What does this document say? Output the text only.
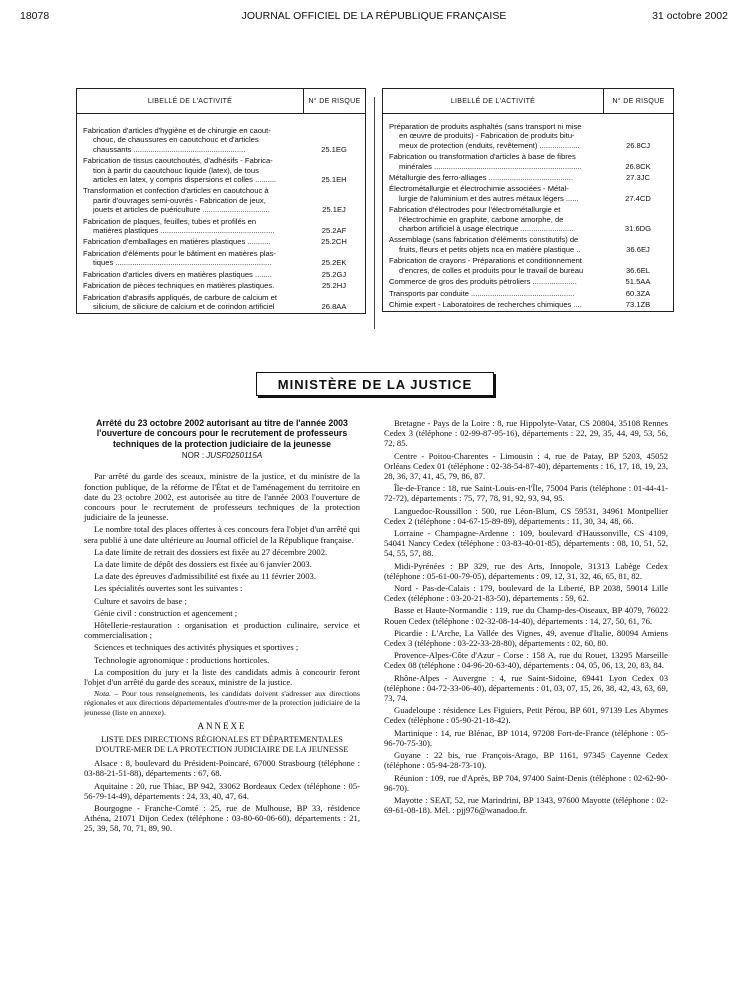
18078	JOURNAL OFFICIEL DE LA RÉPUBLIQUE FRANÇAISE	31 octobre 2002
LIBELLÉ DE L'ACTIVITÉ	N° DE RISQUE
Fabrication d'articles d'hygiène et de chirurgie en caout-
chouc, de chaussures en caoutchouc et d'articles
chaussants .....................................................	25.1EG
Fabrication de tissus caoutchoutés, d'adhésifs - Fabrica-
tion à partir du caoutchouc liquide (latex), de tous
articles en latex, y compris dispersions et colles ..........	25.1EH
Transformation et confection d'articles en caoutchouc à
partir d'ouvrages semi-ouvrés - Fabrication de jeux,
jouets et articles de puériculture ................................	25.1EJ
Fabrication de plaques, feuilles, tubes et profilés en
matières plastiques ......................................................	25.2AF
Fabrication d'emballages en matières plastiques ...........	25.2CH
Fabrication d'éléments pour le bâtiment en matières plas-
tiques ..........................................................................	25.2EK
Fabrication d'articles divers en matières plastiques ........	25.2GJ
Fabrication de pièces techniques en matières plastiques.	25.2HJ
Fabrication d'abrasifs appliqués, de carbure de calcium et
silicium, de siliciure de calcium et de corindon artificiel	26.8AA
LIBELLÉ DE L'ACTIVITÉ	N° DE RISQUE
Préparation de produits asphaltés (sans transport ni mise
en œuvre de produits) - Fabrication de produits bitu-
meux de protection (enduits, revêtement) ...................	26.8CJ
Fabrication ou transformation d'articles à base de fibres
minérales ......................................................................	26.8CK
Métallurgie des ferro-alliages ........................................	27.3JC
Électrométallurgie et électrochimie associées - Métal-
lurgie de l'aluminium et des autres métaux légers ......	27.4CD
Fabrication d'électrodes pour l'électrométallurgie et
l'électrochimie en graphite, carbone amorphe, de
charbon artificiel à usage électrique .........................	31.6DG
Assemblage (sans fabrication d'éléments constitutifs) de
fruits, fleurs et petits objets nca en matière plastique ..	36.6EJ
Fabrication de crayons - Préparations et conditionnement
d'encres, de colles et produits pour le travail de bureau	36.6EL
Commerce de gros des produits pétroliers .....................	51.5AA
Transports par conduite .................................................	60.3ZA
Chimie expert - Laboratoires de recherches chimiques ....	73.1ZB
MINISTÈRE DE LA JUSTICE
Arrêté du 23 octobre 2002 autorisant au titre de l'année 2003 l'ouverture de concours pour le recrutement de professeurs techniques de la protection judiciaire de la jeunesse
NOR : JUSF0250115A

Par arrêté du garde des sceaux, ministre de la justice, et du ministre de la fonction publique, de la réforme de l'État et de l'aménagement du territoire en date du 23 octobre 2002, est autorisée au titre de l'année 2003 l'ouverture de concours pour le recrutement de professeurs techniques de la protection judiciaire de la jeunesse.

Le nombre total des places offertes à ces concours fera l'objet d'un arrêté qui sera publié à une date ultérieure au Journal officiel de la République française.

La date limite de retrait des dossiers est fixée au 27 décembre 2002.

La date limite de dépôt des dossiers est fixée au 6 janvier 2003.

La date des épreuves d'admissibilité est fixée au 11 février 2003.

Les spécialités ouvertes sont les suivantes :

Culture et savoirs de base ;

Génie civil : construction et agencement ;

Hôtellerie-restauration : organisation et production culinaire, service et commercialisation ;

Sciences et techniques des activités physiques et sportives ;

Technologie agronomique : productions horticoles.

La composition du jury et la liste des candidats admis à concourir feront l'objet d'un arrêté du garde des sceaux, ministre de la justice.

Nota. – Pour tous renseignements, les candidats doivent s'adresser aux directions régionales et aux directions départementales d'outre-mer de la protection judiciaire de la jeunesse (liste en annexe).

ANNEXE
LISTE DES DIRECTIONS RÉGIONALES ET DÉPARTEMENTALES D'OUTRE-MER DE LA PROTECTION JUDICIAIRE DE LA JEUNESSE

Alsace : 8, boulevard du Président-Poincaré, 67000 Strasbourg (téléphone : 03-88-21-51-88), départements : 67, 68.

Aquitaine : 20, rue Thiac, BP 942, 33062 Bordeaux Cedex (téléphone : 05-56-79-14-49), départements : 24, 33, 40, 47, 64.

Bourgogne - Franche-Comté : 25, rue de Mulhouse, BP 33, résidence Athéna, 21071 Dijon Cedex (téléphone : 03-80-60-06-60), départements : 21, 25, 39, 58, 70, 71, 89, 90.

Bretagne - Pays de la Loire : 8, rue Hippolyte-Vatar, CS 20804, 35108 Rennes Cedex 3 (téléphone : 02-99-87-95-16), départements : 22, 29, 35, 44, 49, 53, 56, 72, 85.

Centre - Poitou-Charentes - Limousin : 4, rue de Patay, BP 5203, 45052 Orléans Cedex 01 (téléphone : 02-38-54-87-40), départements : 16, 17, 18, 19, 23, 28, 36, 37, 41, 45, 79, 86, 87.

Île-de-France : 18, rue Saint-Louis-en-l'Île, 75004 Paris (téléphone : 01-44-41-72-72), départements : 75, 77, 78, 91, 92, 93, 94, 95.

Languedoc-Roussillon : 500, rue Léon-Blum, CS 59531, 34961 Montpellier Cedex 2 (téléphone : 04-67-15-89-89), départements : 11, 30, 34, 48, 66.

Lorraine - Champagne-Ardenne : 109, boulevard d'Haussonville, CS 4109, 54041 Nancy Cedex (téléphone : 03-83-40-01-85), départements : 08, 10, 51, 52, 54, 55, 57, 88.

Midi-Pyrénées : BP 329, rue des Arts, Innopole, 31313 Labège Cedex (téléphone : 05-61-00-79-05), départements : 09, 12, 31, 32, 46, 65, 81, 82.

Nord - Pas-de-Calais : 179, boulevard de la Liberté, BP 2038, 59014 Lille Cedex (téléphone : 03-20-21-83-50), départements : 59, 62.

Basse et Haute-Normandie : 119, rue du Champ-des-Oiseaux, BP 4079, 76022 Rouen Cedex (téléphone : 02-32-08-14-40), départements : 14, 27, 50, 61, 76.

Picardie : L'Arche, La Vallée des Vignes, 49, avenue d'Italie, 80094 Amiens Cedex 3 (téléphone : 03-22-33-28-80), départements : 02, 60, 80.

Provence-Alpes-Côte d'Azur - Corse : 158 A, rue du Rouet, 13295 Marseille Cedex 08 (téléphone : 04-96-20-63-40), départements : 04, 05, 06, 13, 20, 83, 84.

Rhône-Alpes - Auvergne : 4, rue Saint-Sidoine, 69441 Lyon Cedex 03 (téléphone : 04-72-33-06-40), départements : 01, 03, 07, 15, 26, 38, 42, 43, 63, 69, 73, 74.

Guadeloupe : résidence Les Figuiers, Petit Pérou, BP 601, 97139 Les Abymes Cedex (téléphone : 05-90-21-18-42).

Martinique : 14, rue Blénac, BP 1014, 97208 Fort-de-France (téléphone : 05-96-70-75-30).

Guyane : 22 bis, rue François-Arago, BP 1161, 97345 Cayenne Cedex (téléphone : 05-94-28-73-10).

Réunion : 109, rue d'Après, BP 704, 97400 Saint-Denis (téléphone : 02-62-90-96-70).

Mayotte : SEAT, 52, rue Marindrini, BP 1343, 97600 Mayotte (téléphone : 02-69-61-08-18). Mél. : pjj976@wanadoo.fr.
